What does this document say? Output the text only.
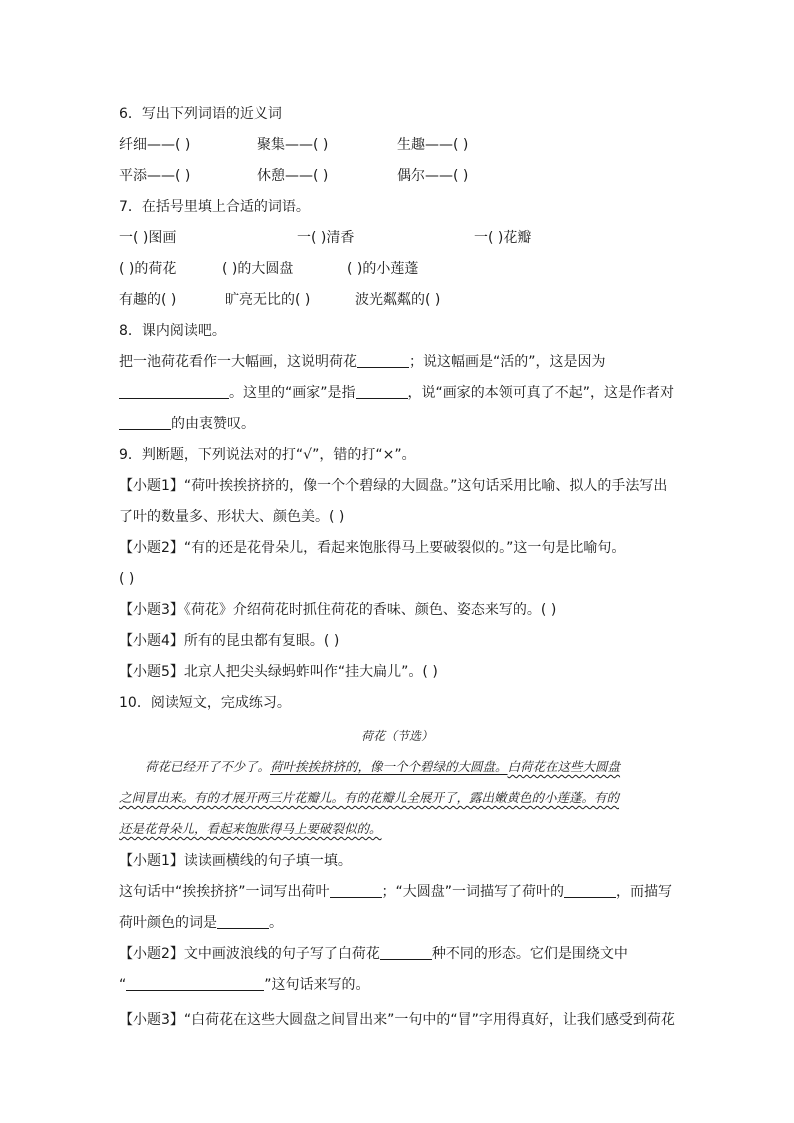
6．写出下列词语的近义词
纤细——( )	聚集——( )	生趣——( )
平添——( )	休憩——( )	偶尔——( )
7．在括号里填上合适的词语。
一( )图画	一( )清香	一( )花瓣
( )的荷花	( )的大圆盘	( )的小莲蓬
有趣的( )	旷亮无比的( )	波光粼粼的( )
8．课内阅读吧。
把一池荷花看作一大幅画，这说明荷花	；说这幅画是“活的”，这是因为
。这里的“画家”是指	，说“画家的本领可真了不起”，这是作者对
的由衷赞叹。
9．判断题，下列说法对的打“√”，错的打“×”。
【小题1】“荷叶挨挨挤挤的，像一个个碧绿的大圆盘。”这句话采用比喻、拟人的手法写出
了叶的数量多、形状大、颜色美。( )
【小题2】“有的还是花骨朵儿，看起来饱胀得马上要破裂似的。”这一句是比喻句。
( )
【小题3】《荷花》介绍荷花时抓住荷花的香味、颜色、姿态来写的。( )
【小题4】所有的昆虫都有复眼。( )
【小题5】北京人把尖头绿蚂蚱叫作“挂大扁儿”。( )
10．阅读短文，完成练习。
荷花（节选）
荷花已经开了不少了。荷叶挨挨挤挤的，像一个个碧绿的大圆盘。白荷花在这些大圆盘
之间冒出来。有的才展开两三片花瓣儿。有的花瓣儿全展开了，露出嫩黄色的小莲蓬。有的
还是花骨朵儿，看起来饱胀得马上要破裂似的。
【小题1】读读画横线的句子填一填。
这句话中“挨挨挤挤”一词写出荷叶	；“大圆盘”一词描写了荷叶的	，而描写
荷叶颜色的词是	。
【小题2】文中画波浪线的句子写了白荷花	种不同的形态。它们是围绕文中
“	”这句话来写的。
【小题3】“白荷花在这些大圆盘之间冒出来”一句中的“冒”字用得真好，让我们感受到荷花
